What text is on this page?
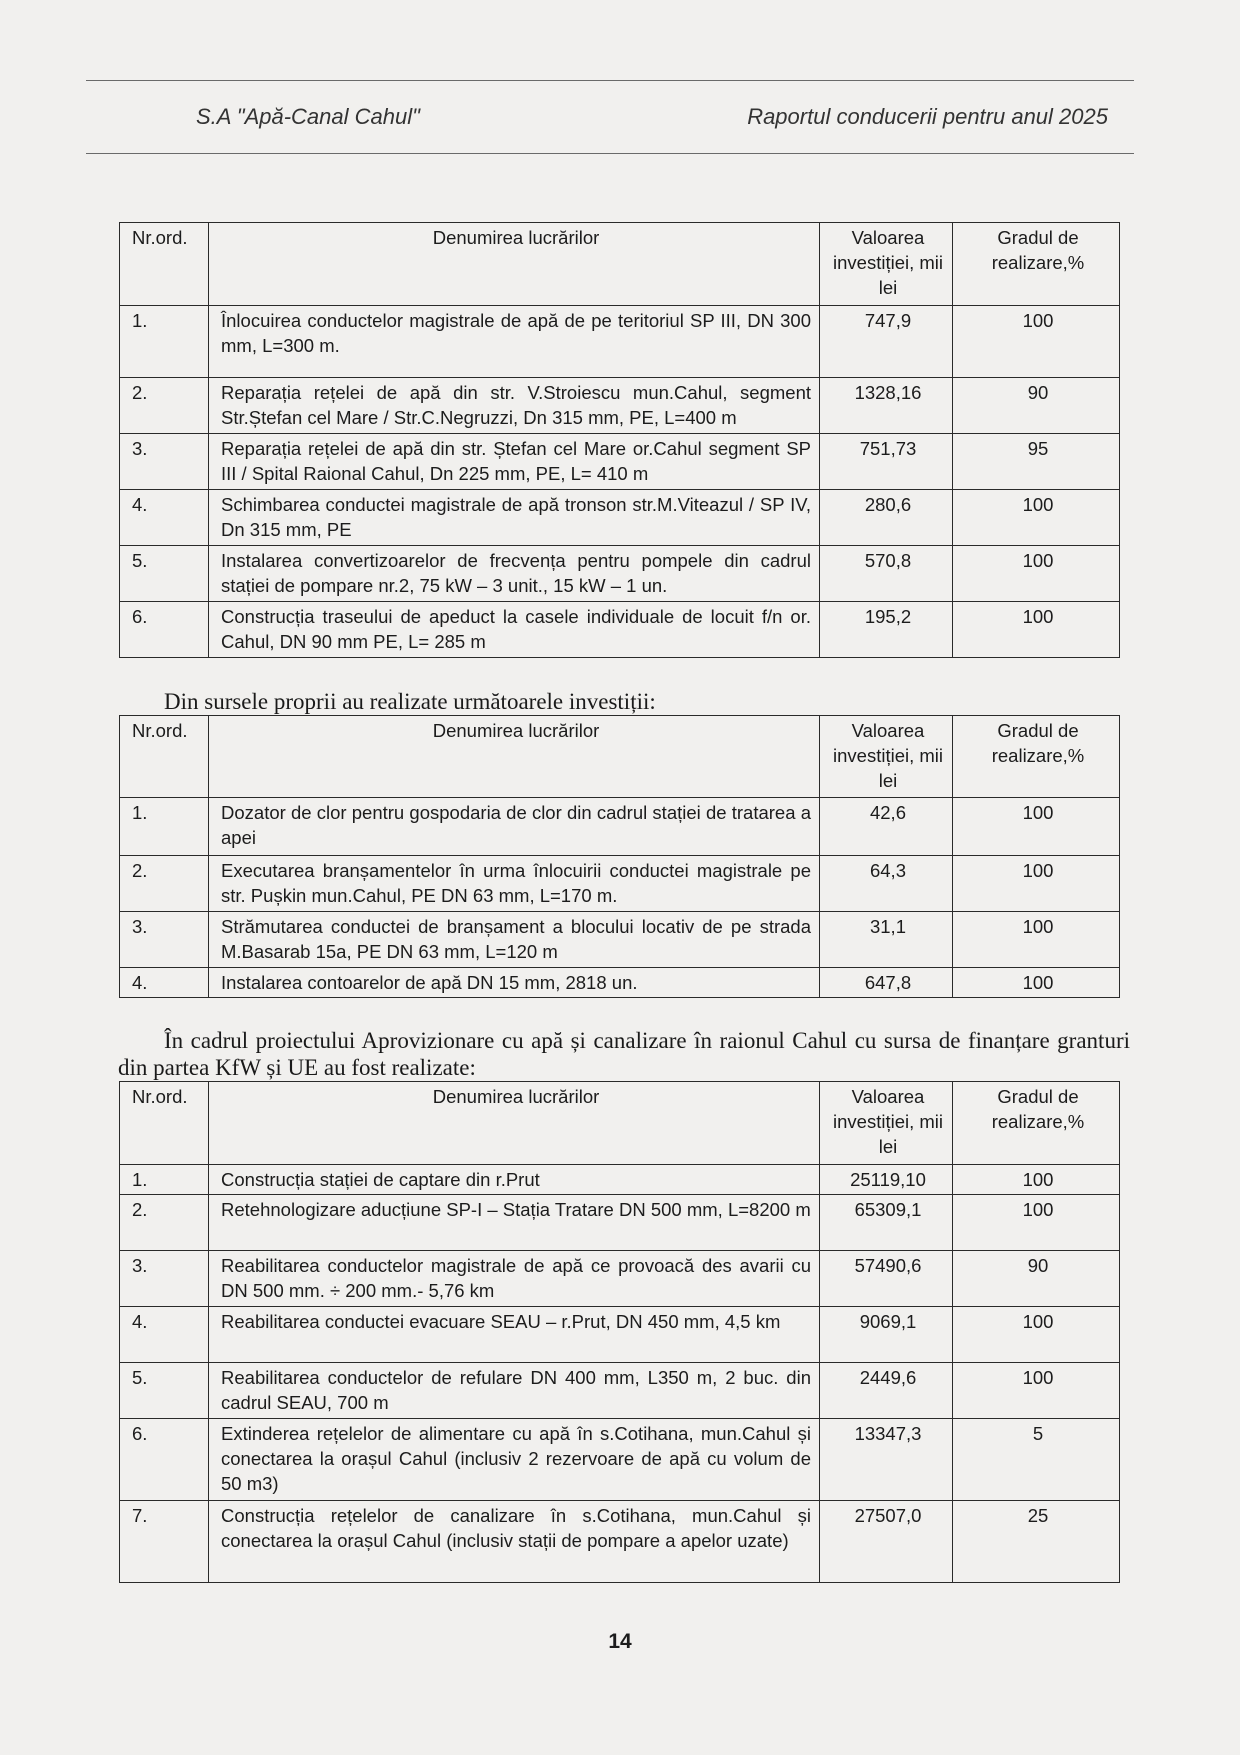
S.A "Apă-Canal Cahul"	Raportul conducerii pentru anul 2025
Nr.ord.	Denumirea lucrărilor	Valoarea investiției, mii lei	Gradul de realizare,%
1.	Înlocuirea conductelor magistrale de apă de pe teritoriul SP III, DN 300 mm, L=300 m.	747,9	100
2.	Reparația rețelei de apă din str. V.Stroiescu mun.Cahul, segment Str.Ștefan cel Mare / Str.C.Negruzzi, Dn 315 mm, PE, L=400 m	1328,16	90
3.	Reparația rețelei de apă din str. Ștefan cel Mare or.Cahul segment SP III / Spital Raional Cahul, Dn 225 mm, PE, L= 410 m	751,73	95
4.	Schimbarea conductei magistrale de apă tronson str.M.Viteazul / SP IV, Dn 315 mm, PE	280,6	100
5.	Instalarea convertizoarelor de frecvența pentru pompele din cadrul stației de pompare nr.2, 75 kW – 3 unit., 15 kW – 1 un.	570,8	100
6.	Construcția traseului de apeduct la casele individuale de locuit f/n or. Cahul, DN 90 mm PE, L= 285 m	195,2	100
Din sursele proprii au realizate următoarele investiții:
Nr.ord.	Denumirea lucrărilor	Valoarea investiției, mii lei	Gradul de realizare,%
1.	Dozator de clor pentru gospodaria de clor din cadrul stației de tratarea a apei	42,6	100
2.	Executarea branșamentelor în urma înlocuirii conductei magistrale pe str. Pușkin mun.Cahul, PE DN 63 mm, L=170 m.	64,3	100
3.	Strămutarea conductei de branșament a blocului locativ de pe strada M.Basarab 15a, PE DN 63 mm, L=120 m	31,1	100
4.	Instalarea contoarelor de apă DN 15 mm, 2818 un.	647,8	100
În cadrul proiectului Aprovizionare cu apă și canalizare în raionul Cahul cu sursa de finanțare granturi din partea KfW și UE au fost realizate:
Nr.ord.	Denumirea lucrărilor	Valoarea investiției, mii lei	Gradul de realizare,%
1.	Construcția stației de captare din r.Prut	25119,10	100
2.	Retehnologizare aducțiune SP-I – Stația Tratare DN 500 mm, L=8200 m	65309,1	100
3.	Reabilitarea conductelor magistrale de apă ce provoacă des avarii cu DN 500 mm. ÷ 200 mm.- 5,76 km	57490,6	90
4.	Reabilitarea conductei evacuare SEAU – r.Prut, DN 450 mm, 4,5 km	9069,1	100
5.	Reabilitarea conductelor de refulare DN 400 mm, L350 m, 2 buc. din cadrul SEAU, 700 m	2449,6	100
6.	Extinderea rețelelor de alimentare cu apă în s.Cotihana, mun.Cahul și conectarea la orașul Cahul (inclusiv 2 rezervoare de apă cu volum de 50 m3)	13347,3	5
7.	Construcția rețelelor de canalizare în s.Cotihana, mun.Cahul și conectarea la orașul Cahul (inclusiv stații de pompare a apelor uzate)	27507,0	25
14
